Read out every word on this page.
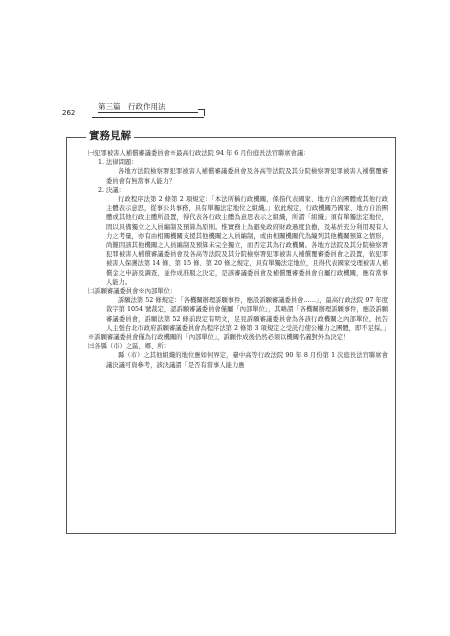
262
第三篇　行政作用法
實務見解

㈠犯罪被害人補償審議委員會※最高行政法院 94 年 6 月份庭長法官聯席會議：

1. 法律問題：

各地方法院檢察署犯罪被害人補償審議委員會及各高等法院及其分院檢察署犯罪被害人補償覆審委員會有無當事人能力？

2. 決議：

行政程序法第 2 條第 2 項規定：「本法所稱行政機關，係指代表國家、地方自治團體或其他行政主體表示意思，從事公共事務，具有單獨法定地位之組織。」依此規定，行政機關乃國家、地方自治團體或其他行政主體所設置，得代表各行政主體為意思表示之組織，所謂「組織」須有單獨法定地位，固以具備獨立之人員編制及預算為原則。惟實務上為避免政府財政過度負擔，及基於充分利用現有人力之考量，亦有由相關機關支援其他機關之人員編制，或由相關機關代為編列其他機關預算之情形，尚難因該其他機關之人員編制及預算未完全獨立，而否定其為行政機關。各地方法院及其分院檢察署犯罪被害人補償審議委員會及各高等法院及其分院檢察署犯罪被害人補償覆審委員會之設置，依犯罪被害人保護法第 14 條、第 15 條、第 20 條之規定，具有單獨法定地位，且得代表國家受理被害人補償金之申請及調查，並作成准駁之決定，是該審議委員會及補償覆審委員會自屬行政機關，應有當事人能力。

㈡訴願審議委員會※內部單位：

訴願法第 52 條規定：「各機關辦理訴願事件，應設訴願審議委員會……」，最高行政法院 97 年度裁字第 1054 號裁定，認訴願審議委員會僅屬「內部單位」，其略謂「各機關辦理訴願事件，應設訴願審議委員會，訴願法第 52 條前段定有明文，足見訴願審議委員會為各該行政機關之內部單位，抗告人主張台北市政府訴願審議委員會為程序法第 2 條第 3 項規定之受託行使公權力之團體，即不足採。」

※訴願審議委員會僅為行政機關的「內部單位」，訴願作成後仍然必須以機關名義對外為決定！

㈢各縣（市）之區、鄉、所：

縣（市）之其他組織的地位應如何界定，臺中高等行政法院 90 年 8 月份第 1 次庭長法官聯席會議決議可資參考，該決議謂「是否有當事人能力應
